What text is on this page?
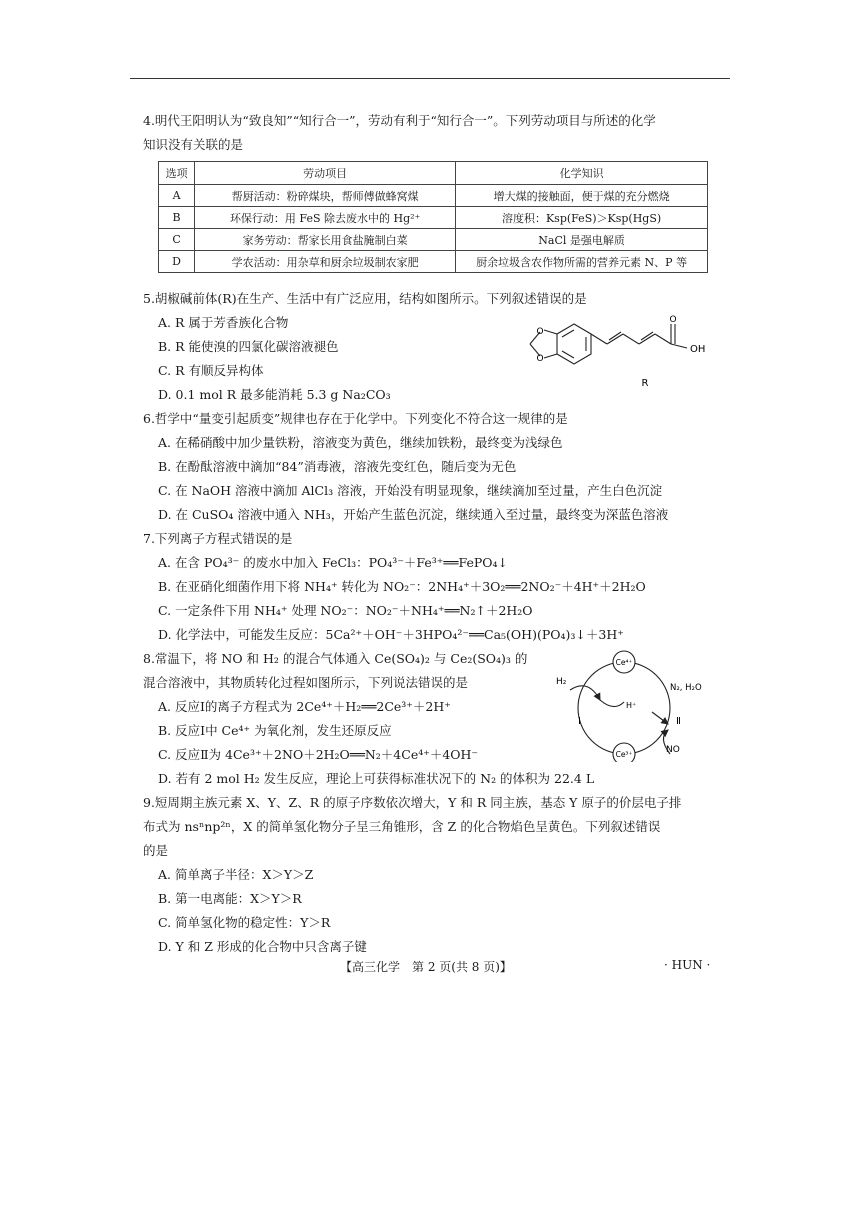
4.明代王阳明认为“致良知”“知行合一”，劳动有利于“知行合一”。下列劳动项目与所述的化学
知识没有关联的是
选项	劳动项目	化学知识
A	帮厨活动：粉碎煤块，帮师傅做蜂窝煤	增大煤的接触面，便于煤的充分燃烧
B	环保行动：用 FeS 除去废水中的 Hg²⁺	溶度积：Ksp(FeS)＞Ksp(HgS)
C	家务劳动：帮家长用食盐腌制白菜	NaCl 是强电解质
D	学农活动：用杂草和厨余垃圾制农家肥	厨余垃圾含农作物所需的营养元素 N、P 等
5.胡椒碱前体(R)在生产、生活中有广泛应用，结构如图所示。下列叙述错误的是
A. R 属于芳香族化合物
B. R 能使溴的四氯化碳溶液褪色
C. R 有顺反异构体
D. 0.1 mol R 最多能消耗 5.3 g Na₂CO₃
O
O
O
OH
R
6.哲学中“量变引起质变”规律也存在于化学中。下列变化不符合这一规律的是
A. 在稀硝酸中加少量铁粉，溶液变为黄色，继续加铁粉，最终变为浅绿色
B. 在酚酞溶液中滴加“84”消毒液，溶液先变红色，随后变为无色
C. 在 NaOH 溶液中滴加 AlCl₃ 溶液，开始没有明显现象，继续滴加至过量，产生白色沉淀
D. 在 CuSO₄ 溶液中通入 NH₃，开始产生蓝色沉淀，继续通入至过量，最终变为深蓝色溶液
7.下列离子方程式错误的是
A. 在含 PO₄³⁻ 的废水中加入 FeCl₃：PO₄³⁻＋Fe³⁺══FePO₄↓
B. 在亚硝化细菌作用下将 NH₄⁺ 转化为 NO₂⁻：2NH₄⁺＋3O₂══2NO₂⁻＋4H⁺＋2H₂O
C. 一定条件下用 NH₄⁺ 处理 NO₂⁻：NO₂⁻＋NH₄⁺══N₂↑＋2H₂O
D. 化学法中，可能发生反应：5Ca²⁺＋OH⁻＋3HPO₄²⁻══Ca₅(OH)(PO₄)₃↓＋3H⁺
8.常温下，将 NO 和 H₂ 的混合气体通入 Ce(SO₄)₂ 与 Ce₂(SO₄)₃ 的
混合溶液中，其物质转化过程如图所示，下列说法错误的是
A. 反应Ⅰ的离子方程式为 2Ce⁴⁺＋H₂══2Ce³⁺＋2H⁺
B. 反应Ⅰ中 Ce⁴⁺ 为氧化剂，发生还原反应
C. 反应Ⅱ为 4Ce³⁺＋2NO＋2H₂O══N₂＋4Ce⁴⁺＋4OH⁻
D. 若有 2 mol H₂ 发生反应，理论上可获得标准状况下的 N₂ 的体积为 22.4 L
Ce⁴⁺
Ce³⁺
H₂
H⁺
N₂, H₂O
NO
Ⅰ	Ⅱ
9.短周期主族元素 X、Y、Z、R 的原子序数依次增大，Y 和 R 同主族，基态 Y 原子的价层电子排
布式为 nsⁿnp²ⁿ，X 的简单氢化物分子呈三角锥形，含 Z 的化合物焰色呈黄色。下列叙述错误
的是
A. 简单离子半径：X＞Y＞Z
B. 第一电离能：X＞Y＞R
C. 简单氢化物的稳定性：Y＞R
D. Y 和 Z 形成的化合物中只含离子键
【高三化学　第 2 页(共 8 页)】	· HUN ·
